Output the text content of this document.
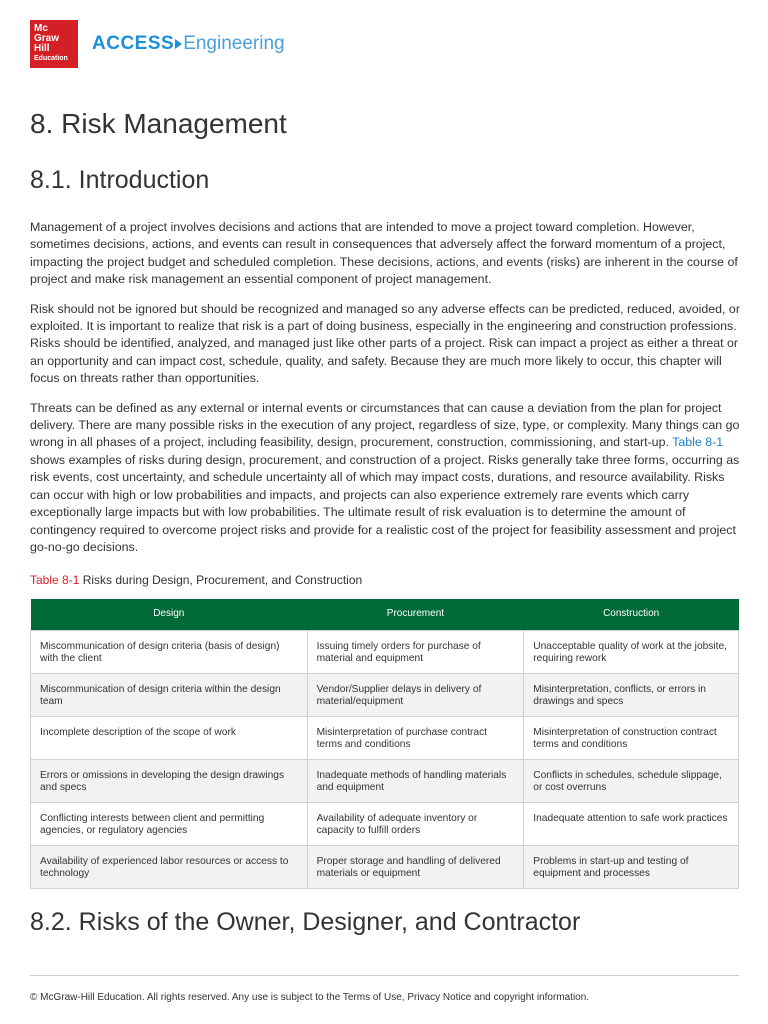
Mc
Graw
Hill
Education
ACCESS Engineering
8. Risk Management
8.1. Introduction

Management of a project involves decisions and actions that are intended to move a project toward completion. However, sometimes decisions, actions, and events can result in consequences that adversely affect the forward momentum of a project, impacting the project budget and scheduled completion. These decisions, actions, and events (risks) are inherent in the course of project and make risk management an essential component of project management.

Risk should not be ignored but should be recognized and managed so any adverse effects can be predicted, reduced, avoided, or exploited. It is important to realize that risk is a part of doing business, especially in the engineering and construction professions. Risks should be identified, analyzed, and managed just like other parts of a project. Risk can impact a project as either a threat or an opportunity and can impact cost, schedule, quality, and safety. Because they are much more likely to occur, this chapter will focus on threats rather than opportunities.

Threats can be defined as any external or internal events or circumstances that can cause a deviation from the plan for project delivery. There are many possible risks in the execution of any project, regardless of size, type, or complexity. Many things can go wrong in all phases of a project, including feasibility, design, procurement, construction, commissioning, and start-up. Table 8-1 shows examples of risks during design, procurement, and construction of a project. Risks generally take three forms, occurring as risk events, cost uncertainty, and schedule uncertainty all of which may impact costs, durations, and resource availability. Risks can occur with high or low probabilities and impacts, and projects can also experience extremely rare events which carry exceptionally large impacts but with low probabilities. The ultimate result of risk evaluation is to determine the amount of contingency required to overcome project risks and provide for a realistic cost of the project for feasibility assessment and project go-no-go decisions.

Table 8-1 Risks during Design, Procurement, and Construction
Design	Procurement	Construction
Miscommunication of design criteria (basis of design) with the client	Issuing timely orders for purchase of material and equipment	Unacceptable quality of work at the jobsite, requiring rework
Miscommunication of design criteria within the design team	Vendor/Supplier delays in delivery of material/equipment	Misinterpretation, conflicts, or errors in drawings and specs
Incomplete description of the scope of work	Misinterpretation of purchase contract terms and conditions	Misinterpretation of construction contract terms and conditions
Errors or omissions in developing the design drawings and specs	Inadequate methods of handling materials and equipment	Conflicts in schedules, schedule slippage, or cost overruns
Conflicting interests between client and permitting agencies, or regulatory agencies	Availability of adequate inventory or capacity to fulfill orders	Inadequate attention to safe work practices
Availability of experienced labor resources or access to technology	Proper storage and handling of delivered materials or equipment	Problems in start-up and testing of equipment and processes
8.2. Risks of the Owner, Designer, and Contractor
© McGraw-Hill Education. All rights reserved. Any use is subject to the Terms of Use, Privacy Notice and copyright information.
